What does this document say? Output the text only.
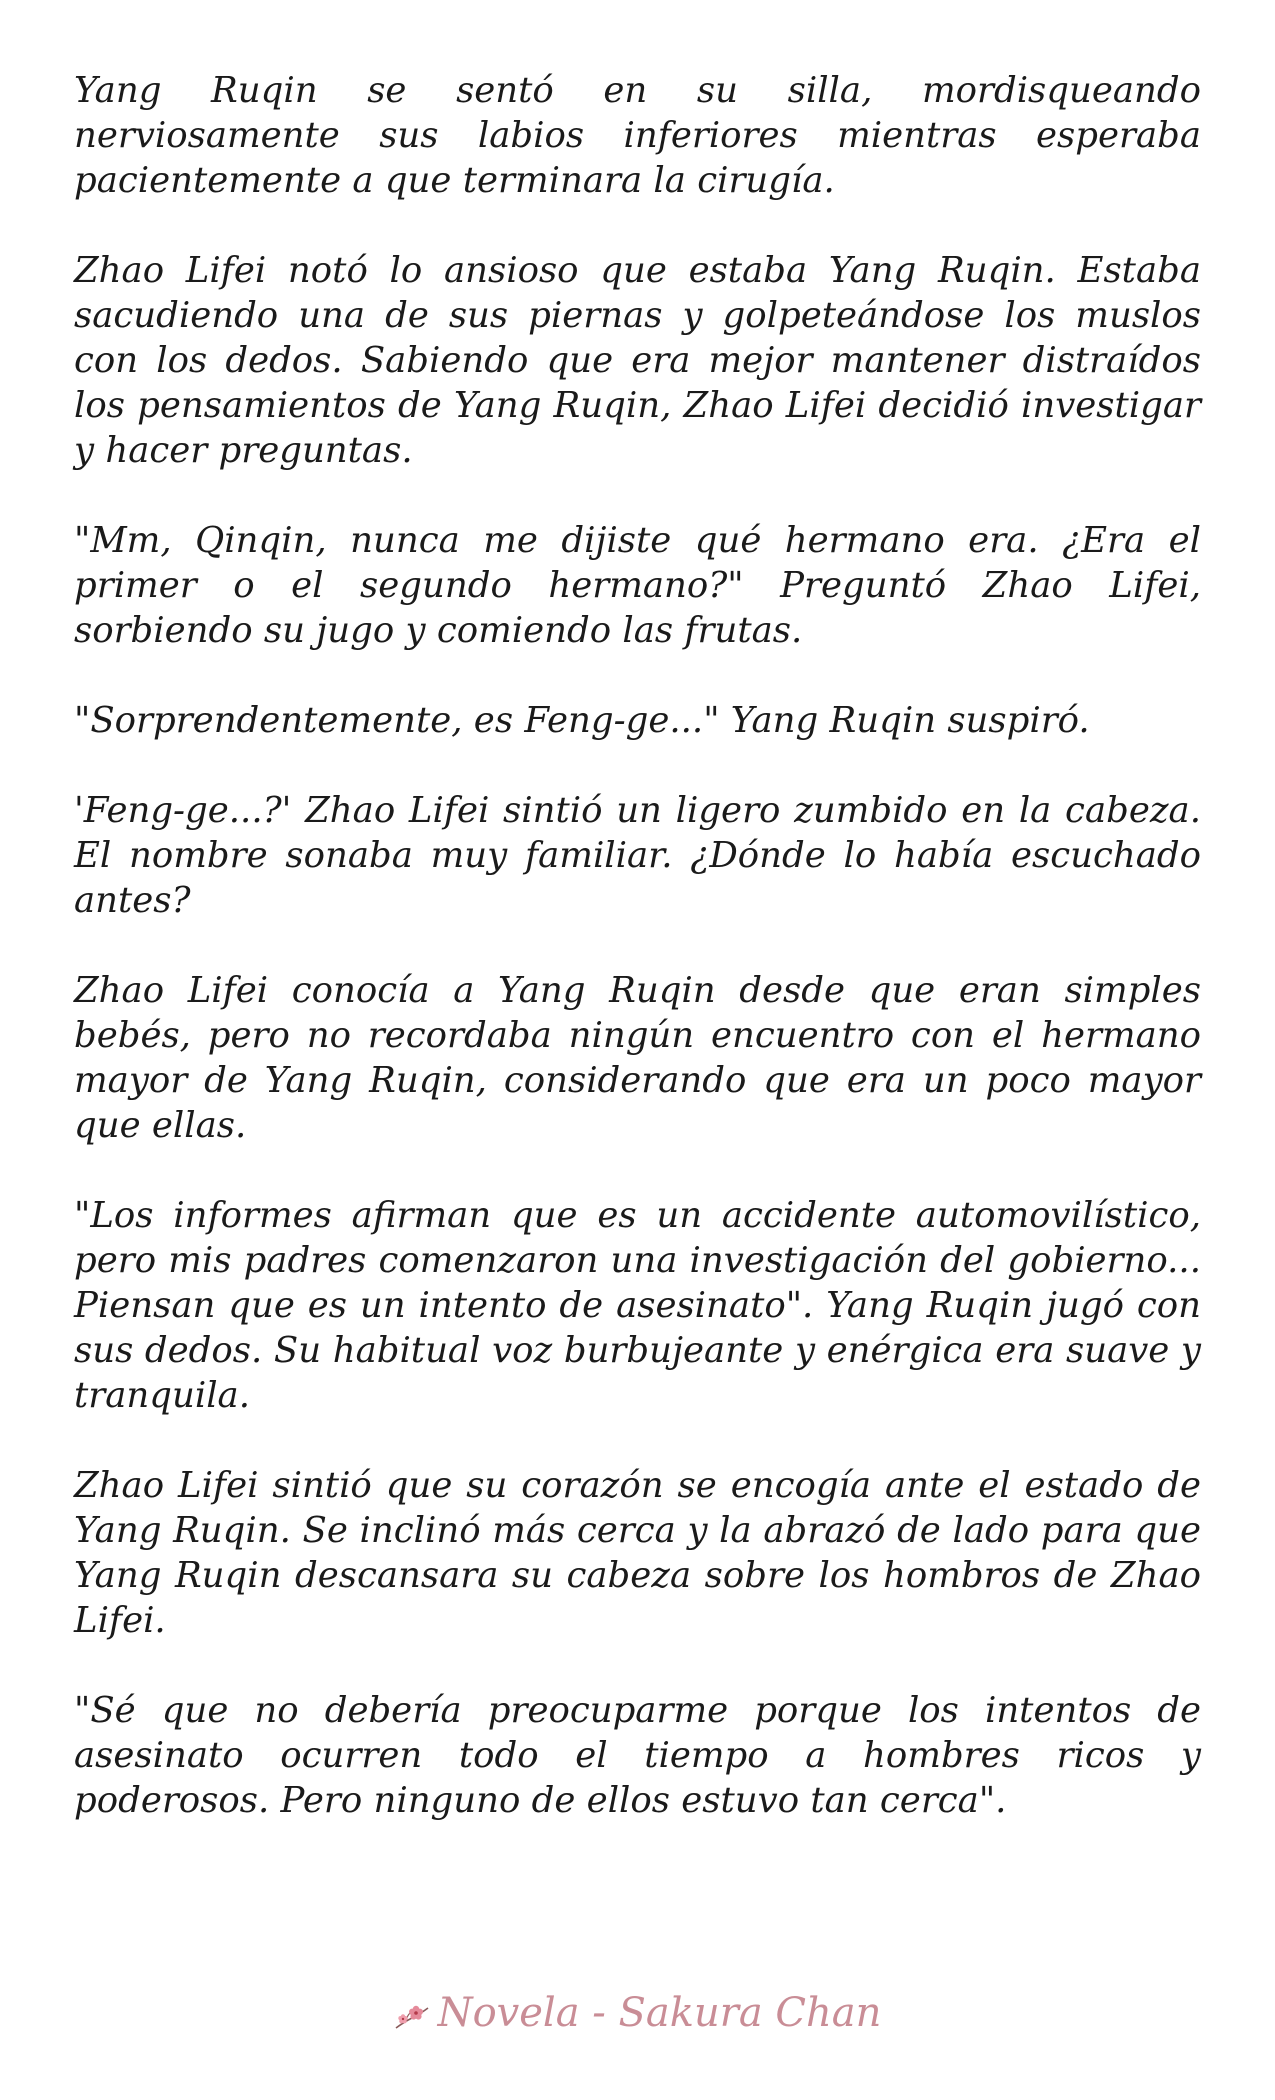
Yang Ruqin se sentó en su silla, mordisqueando nerviosamente sus labios inferiores mientras esperaba pacientemente a que terminara la cirugía.

Zhao Lifei notó lo ansioso que estaba Yang Ruqin. Estaba sacudiendo una de sus piernas y golpeteándose los muslos con los dedos. Sabiendo que era mejor mantener distraídos los pensamientos de Yang Ruqin, Zhao Lifei decidió investigar y hacer preguntas.

"Mm, Qinqin, nunca me dijiste qué hermano era. ¿Era el primer o el segundo hermano?" Preguntó Zhao Lifei, sorbiendo su jugo y comiendo las frutas.

"Sorprendentemente, es Feng-ge..." Yang Ruqin suspiró.

'Feng-ge...?' Zhao Lifei sintió un ligero zumbido en la cabeza. El nombre sonaba muy familiar. ¿Dónde lo había escuchado antes?

Zhao Lifei conocía a Yang Ruqin desde que eran simples bebés, pero no recordaba ningún encuentro con el hermano mayor de Yang Ruqin, considerando que era un poco mayor que ellas.

"Los informes afirman que es un accidente automovilístico, pero mis padres comenzaron una investigación del gobierno... Piensan que es un intento de asesinato". Yang Ruqin jugó con sus dedos. Su habitual voz burbujeante y enérgica era suave y tranquila.

Zhao Lifei sintió que su corazón se encogía ante el estado de Yang Ruqin. Se inclinó más cerca y la abrazó de lado para que Yang Ruqin descansara su cabeza sobre los hombros de Zhao Lifei.

"Sé que no debería preocuparme porque los intentos de asesinato ocurren todo el tiempo a hombres ricos y poderosos. Pero ninguno de ellos estuvo tan cerca".

Novela - Sakura Chan
